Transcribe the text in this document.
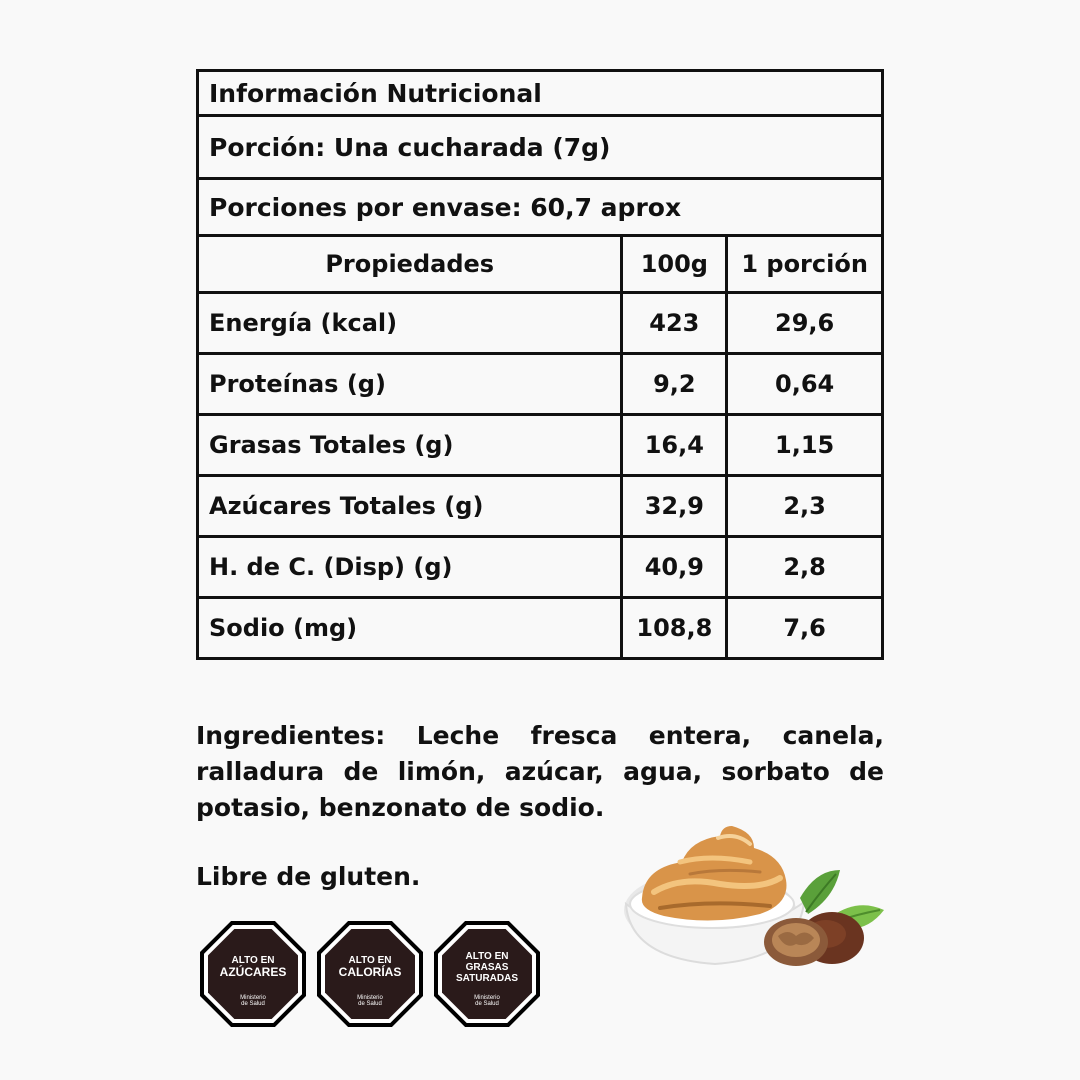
Información Nutricional		
Porción: Una cucharada (7g)		
Porciones por envase: 60,7 aprox		
Propiedades	100g	1 porción
Energía (kcal)	423	29,6
Proteínas (g)	9,2	0,64
Grasas Totales (g)	16,4	1,15
Azúcares Totales (g)	32,9	2,3
H. de C. (Disp) (g)	40,9	2,8
Sodio (mg)	108,8	7,6

Ingredientes: Leche fresca entera, canela, ralladura de limón, azúcar, agua, sorbato de potasio, benzonato de sodio.

Libre de gluten.

ALTO EN
AZÚCARES
Ministerio
de Salud
ALTO EN
CALORÍAS
Ministerio
de Salud
ALTO EN
GRASAS
SATURADAS
Ministerio
de Salud
